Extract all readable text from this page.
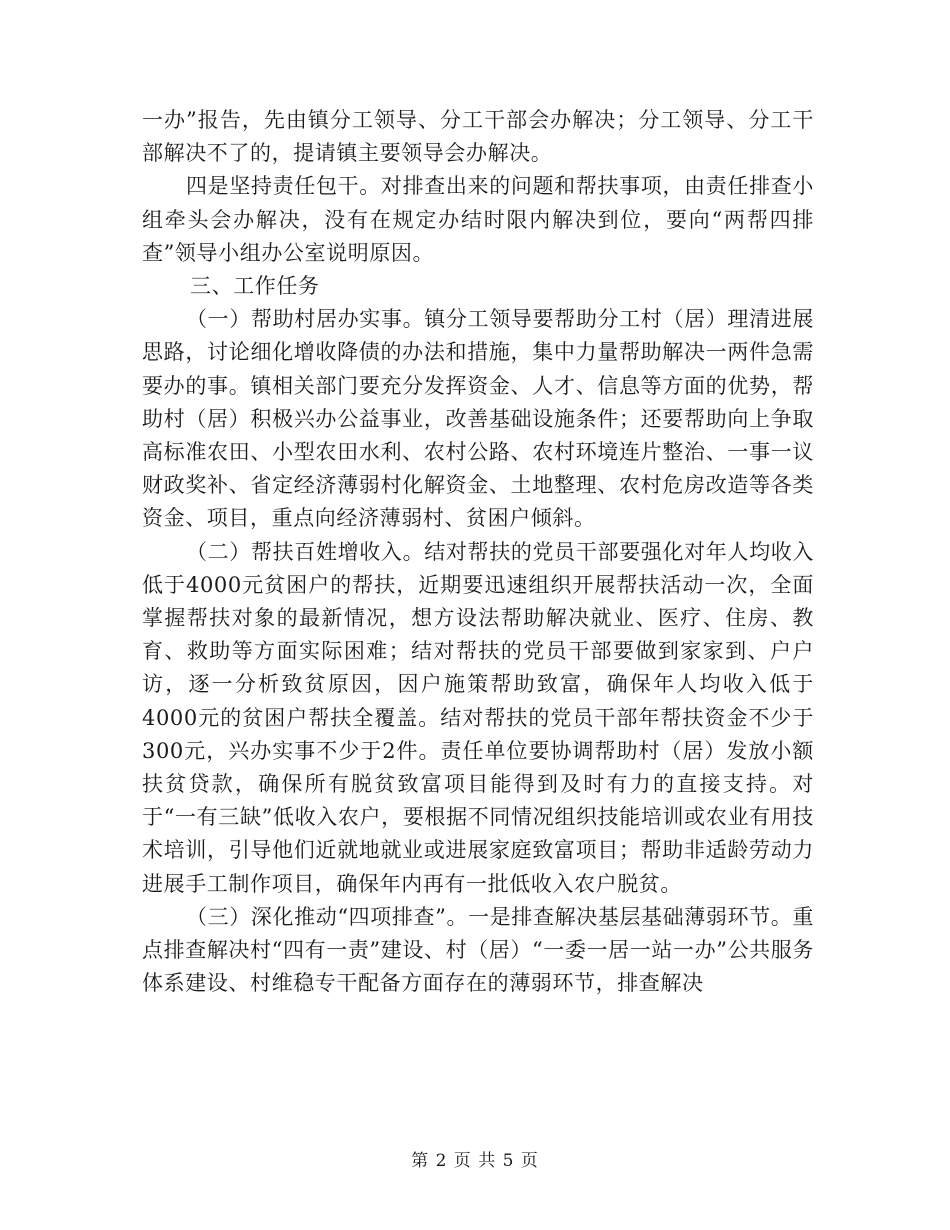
一办”报告，先由镇分工领导、分工干部会办解决；分工领导、分工干部解决不了的，提请镇主要领导会办解决。

四是坚持责任包干。对排查出来的问题和帮扶事项，由责任排查小组牵头会办解决，没有在规定办结时限内解决到位，要向“两帮四排查”领导小组办公室说明原因。

三、工作任务

（一）帮助村居办实事。镇分工领导要帮助分工村（居）理清进展思路，讨论细化增收降债的办法和措施，集中力量帮助解决一两件急需要办的事。镇相关部门要充分发挥资金、人才、信息等方面的优势，帮助村（居）积极兴办公益事业，改善基础设施条件；还要帮助向上争取高标准农田、小型农田水利、农村公路、农村环境连片整治、一事一议财政奖补、省定经济薄弱村化解资金、土地整理、农村危房改造等各类资金、项目，重点向经济薄弱村、贫困户倾斜。

（二）帮扶百姓增收入。结对帮扶的党员干部要强化对年人均收入低于4000元贫困户的帮扶，近期要迅速组织开展帮扶活动一次，全面掌握帮扶对象的最新情况，想方设法帮助解决就业、医疗、住房、教育、救助等方面实际困难；结对帮扶的党员干部要做到家家到、户户访，逐一分析致贫原因，因户施策帮助致富，确保年人均收入低于4000元的贫困户帮扶全覆盖。结对帮扶的党员干部年帮扶资金不少于300元，兴办实事不少于2件。责任单位要协调帮助村（居）发放小额扶贫贷款，确保所有脱贫致富项目能得到及时有力的直接支持。对于“一有三缺”低收入农户，要根据不同情况组织技能培训或农业有用技术培训，引导他们近就地就业或进展家庭致富项目；帮助非适龄劳动力进展手工制作项目，确保年内再有一批低收入农户脱贫。

（三）深化推动“四项排查”。一是排查解决基层基础薄弱环节。重点排查解决村“四有一责”建设、村（居）“一委一居一站一办”公共服务体系建设、村维稳专干配备方面存在的薄弱环节，排查解决

第 2 页 共 5 页
